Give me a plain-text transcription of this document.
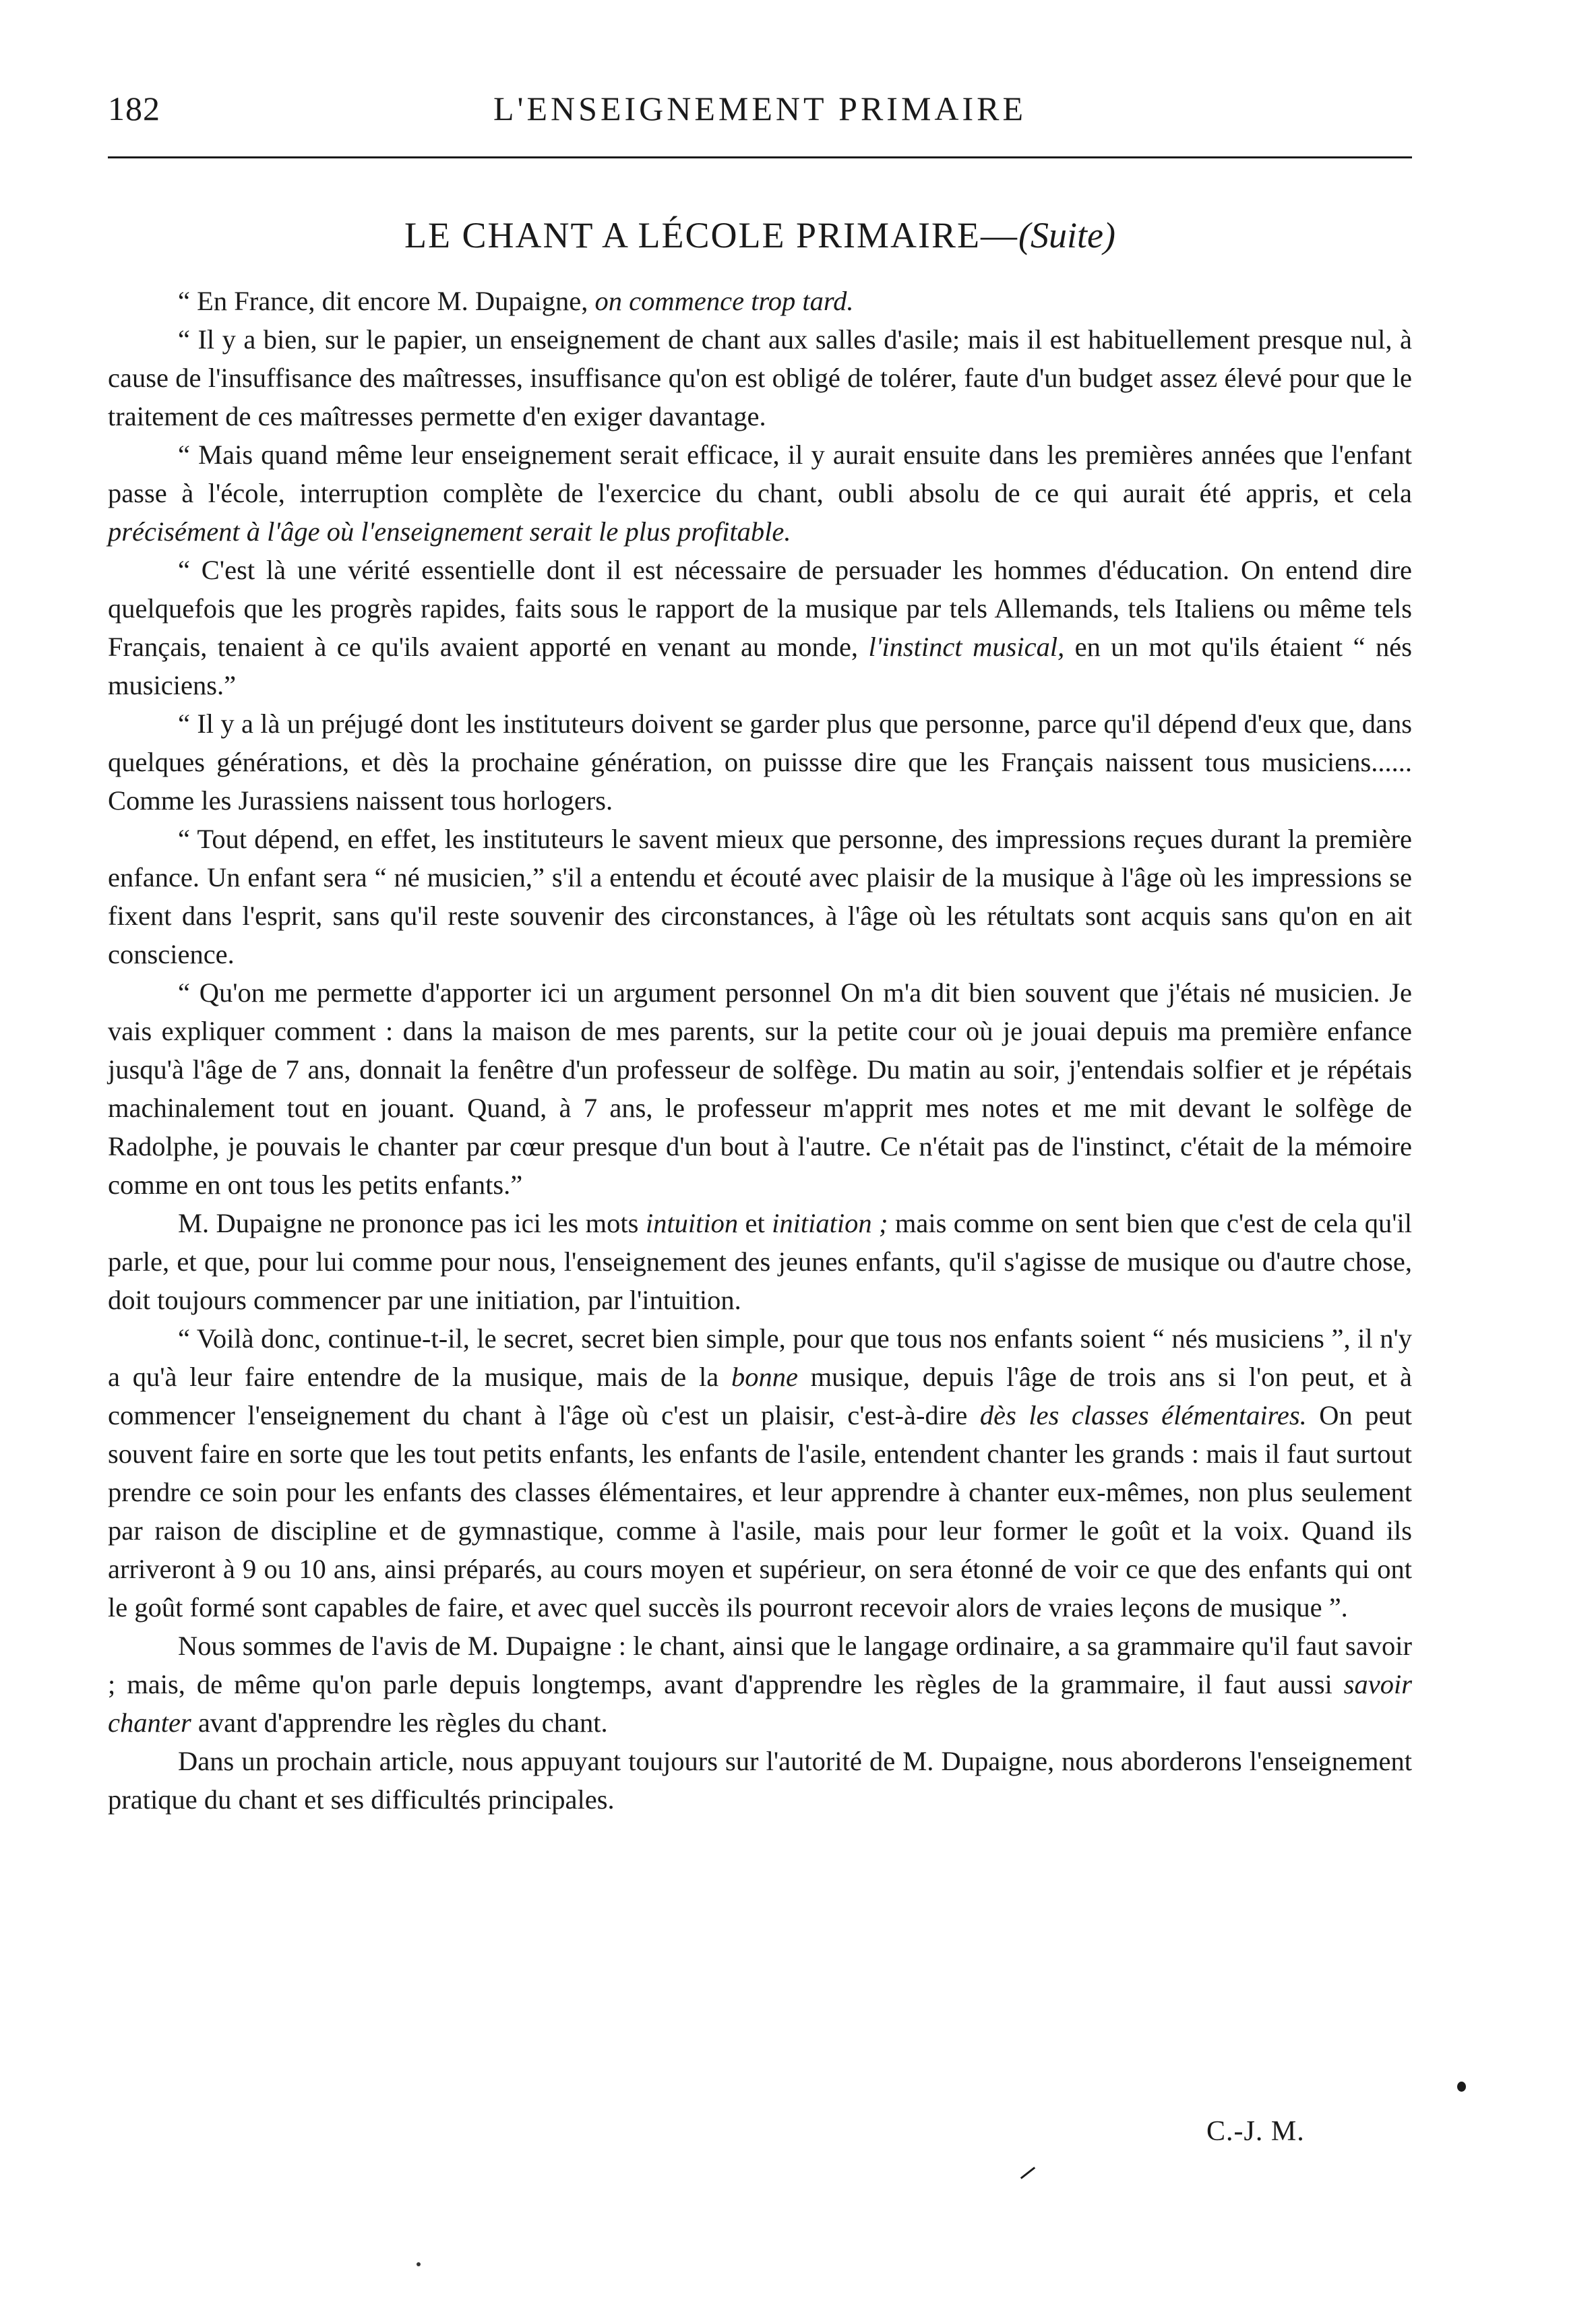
182	L'ENSEIGNEMENT PRIMAIRE
LE CHANT A LÉCOLE PRIMAIRE—(Suite)

“ En France, dit encore M. Dupaigne, on commence trop tard.

“ Il y a bien, sur le papier, un enseignement de chant aux salles d'asile; mais il est habituellement presque nul, à cause de l'insuffisance des maîtresses, insuffisance qu'on est obligé de tolérer, faute d'un budget assez élevé pour que le traitement de ces maîtresses permette d'en exiger davantage.

“ Mais quand même leur enseignement serait efficace, il y aurait ensuite dans les premières années que l'enfant passe à l'école, interruption complète de l'exercice du chant, oubli absolu de ce qui aurait été appris, et cela précisément à l'âge où l'enseignement serait le plus profitable.

“ C'est là une vérité essentielle dont il est nécessaire de persuader les hommes d'éducation. On entend dire quelquefois que les progrès rapides, faits sous le rapport de la musique par tels Allemands, tels Italiens ou même tels Français, tenaient à ce qu'ils avaient apporté en venant au monde, l'instinct musical, en un mot qu'ils étaient “ nés musiciens.”

“ Il y a là un préjugé dont les instituteurs doivent se garder plus que personne, parce qu'il dépend d'eux que, dans quelques générations, et dès la prochaine génération, on puissse dire que les Français naissent tous musiciens...... Comme les Jurassiens naissent tous horlogers.

“ Tout dépend, en effet, les instituteurs le savent mieux que personne, des impressions reçues durant la première enfance. Un enfant sera “ né musicien,” s'il a entendu et écouté avec plaisir de la musique à l'âge où les impressions se fixent dans l'esprit, sans qu'il reste souvenir des circonstances, à l'âge où les rétultats sont acquis sans qu'on en ait conscience.

“ Qu'on me permette d'apporter ici un argument personnel On m'a dit bien souvent que j'étais né musicien. Je vais expliquer comment : dans la maison de mes parents, sur la petite cour où je jouai depuis ma première enfance jusqu'à l'âge de 7 ans, donnait la fenêtre d'un professeur de solfège. Du matin au soir, j'entendais solfier et je répétais machinalement tout en jouant. Quand, à 7 ans, le professeur m'apprit mes notes et me mit devant le solfège de Radolphe, je pouvais le chanter par cœur presque d'un bout à l'autre. Ce n'était pas de l'instinct, c'était de la mémoire comme en ont tous les petits enfants.”

M. Dupaigne ne prononce pas ici les mots intuition et initiation ; mais comme on sent bien que c'est de cela qu'il parle, et que, pour lui comme pour nous, l'enseignement des jeunes enfants, qu'il s'agisse de musique ou d'autre chose, doit toujours commencer par une initiation, par l'intuition.

“ Voilà donc, continue-t-il, le secret, secret bien simple, pour que tous nos enfants soient “ nés musiciens ”, il n'y a qu'à leur faire entendre de la musique, mais de la bonne musique, depuis l'âge de trois ans si l'on peut, et à commencer l'enseignement du chant à l'âge où c'est un plaisir, c'est-à-dire dès les classes élémentaires. On peut souvent faire en sorte que les tout petits enfants, les enfants de l'asile, entendent chanter les grands : mais il faut surtout prendre ce soin pour les enfants des classes élémentaires, et leur apprendre à chanter eux-mêmes, non plus seulement par raison de discipline et de gymnastique, comme à l'asile, mais pour leur former le goût et la voix. Quand ils arriveront à 9 ou 10 ans, ainsi préparés, au cours moyen et supérieur, on sera étonné de voir ce que des enfants qui ont le goût formé sont capables de faire, et avec quel succès ils pourront recevoir alors de vraies leçons de musique ”.

Nous sommes de l'avis de M. Dupaigne : le chant, ainsi que le langage ordinaire, a sa grammaire qu'il faut savoir ; mais, de même qu'on parle depuis longtemps, avant d'apprendre les règles de la grammaire, il faut aussi savoir chanter avant d'apprendre les règles du chant.

Dans un prochain article, nous appuyant toujours sur l'autorité de M. Dupaigne, nous aborderons l'enseignement pratique du chant et ses difficultés principales.

C.-J. M.
